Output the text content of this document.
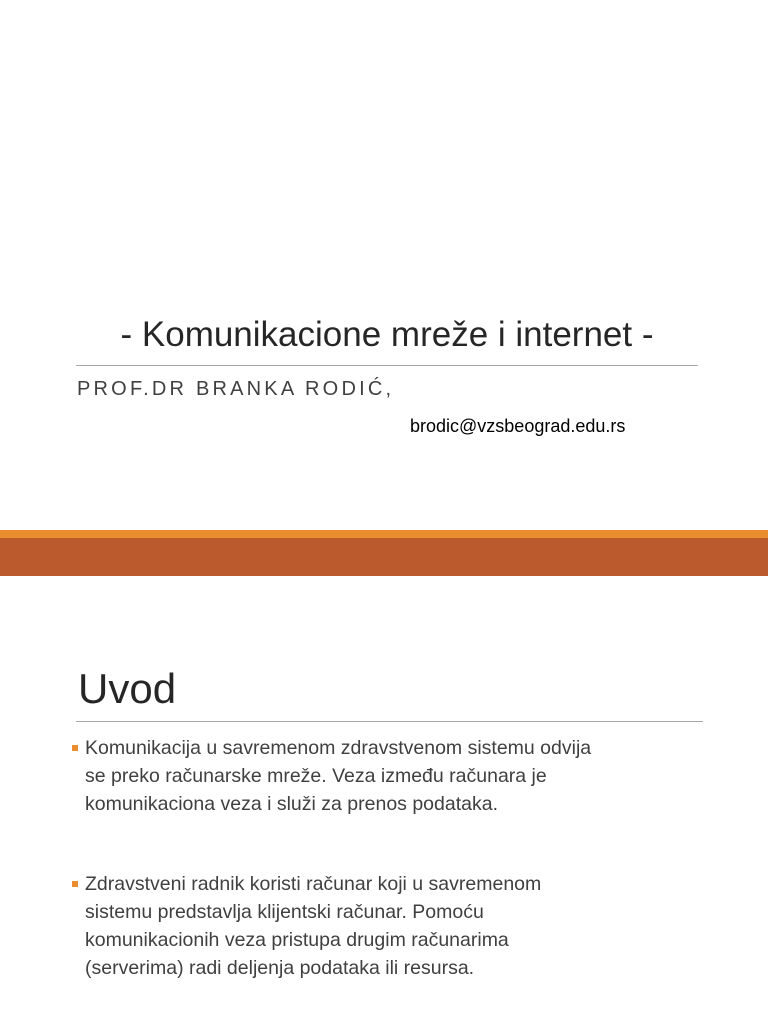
- Komunikacione mreže i internet -
PROF.DR BRANKA RODIĆ,
brodic@vzsbeograd.edu.rs
Uvod
Komunikacija u savremenom zdravstvenom sistemu odvija
se preko računarske mreže. Veza između računara je
komunikaciona veza i služi za prenos podataka.
Zdravstveni radnik koristi računar koji u savremenom
sistemu predstavlja klijentski računar. Pomoću
komunikacionih veza pristupa drugim računarima
(serverima) radi deljenja podataka ili resursa.
